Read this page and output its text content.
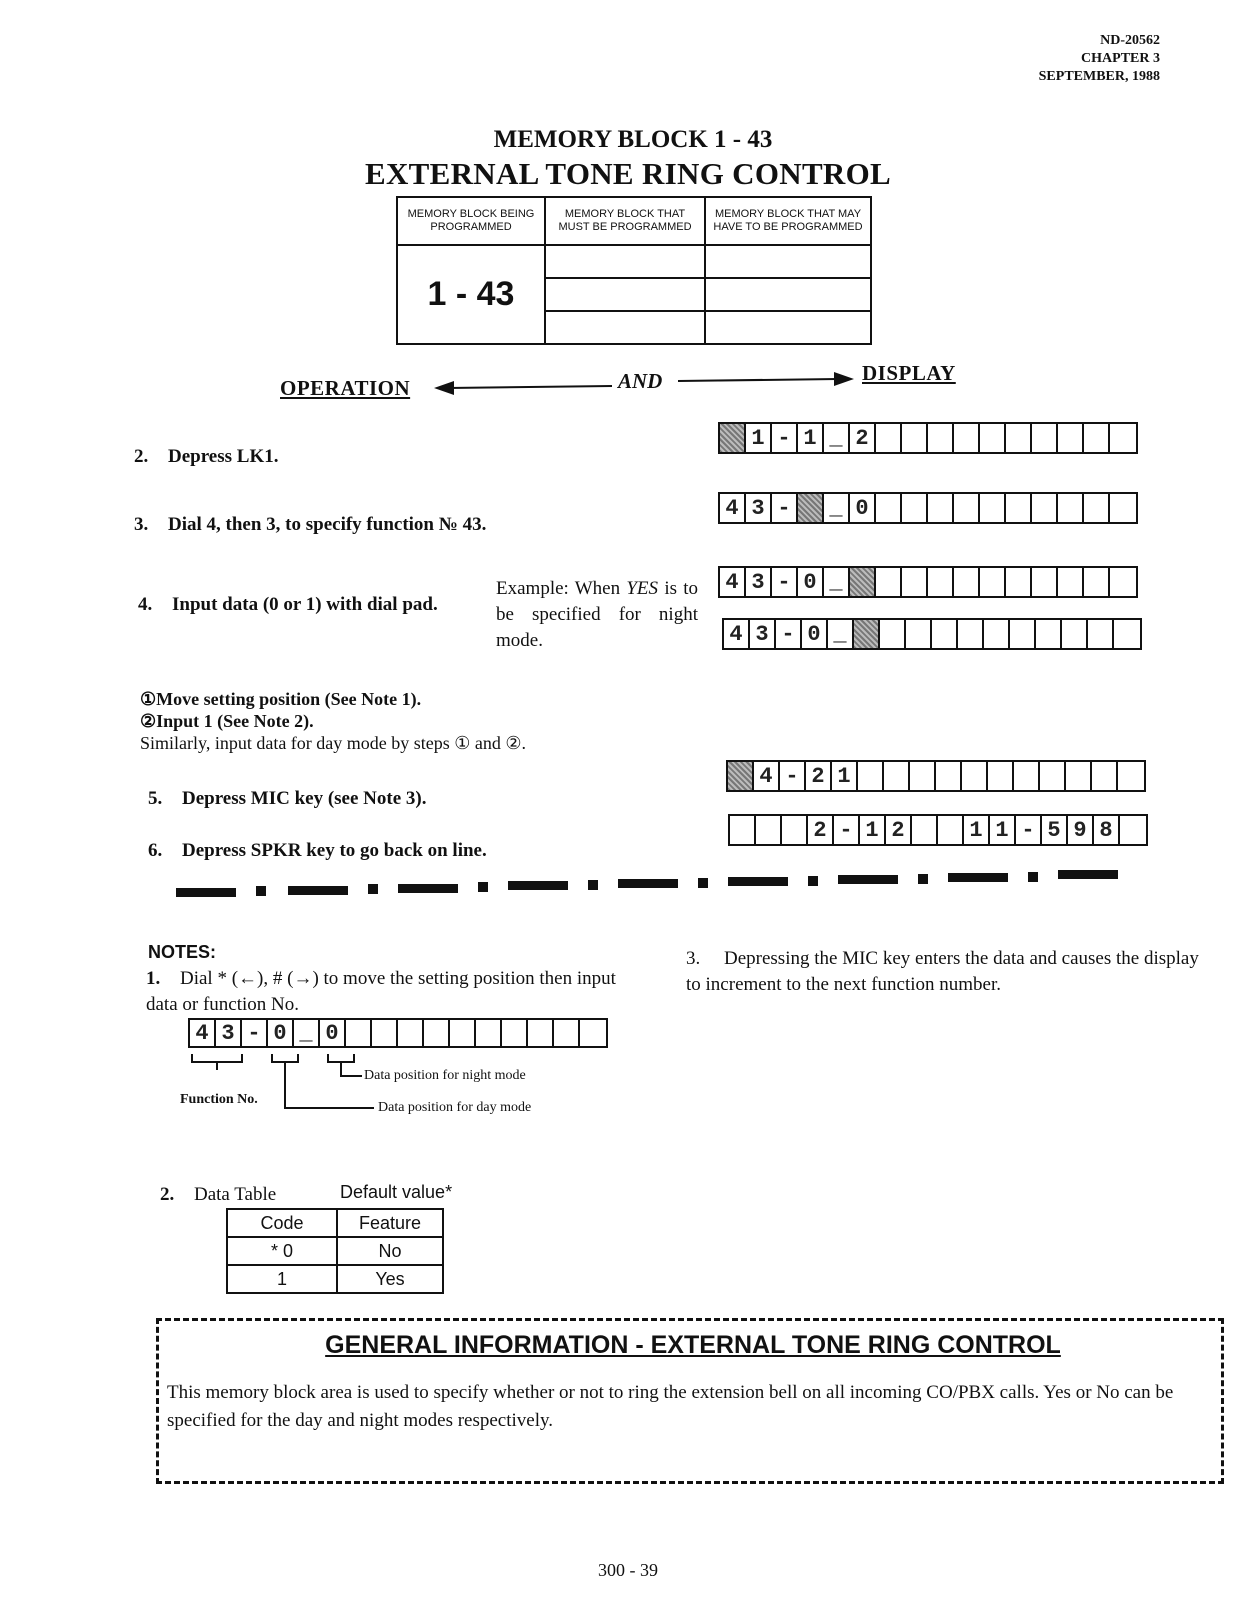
ND-20562
CHAPTER 3
SEPTEMBER, 1988
MEMORY BLOCK 1 - 43
EXTERNAL TONE RING CONTROL
MEMORY BLOCK BEING PROGRAMMED	MEMORY BLOCK THAT MUST BE PROGRAMMED	MEMORY BLOCK THAT MAY HAVE TO BE PROGRAMMED
1 - 43		

OPERATION	AND	DISPLAY
2. Depress LK1.
1 - 1 _ 2
3. Dial 4, then 3, to specify function № 43.
4 3 -	_ 0
4. Input data (0 or 1) with dial pad.
Example: When YES is to be specified for night mode.
4 3 - 0 _
4 3 - 0 _
①Move setting position (See Note 1).
②Input 1 (See Note 2).
Similarly, input data for day mode by steps ① and ②.
5. Depress MIC key (see Note 3).
4 - 2 1
6. Depress SPKR key to go back on line.
2 - 1 2	1 1 - 5 9 8
NOTES:
1. Dial * (←), # (→) to move the setting position then input data or function No.
4 3 - 0 _ 0
Data position for night mode
Data position for day mode
Function No.
3. Depressing the MIC key enters the data and causes the display to increment to the next function number.
2. Data Table	Default value*
Code	Feature
* 0	No
1	Yes
GENERAL INFORMATION - EXTERNAL TONE RING CONTROL
This memory block area is used to specify whether or not to ring the extension bell on all incoming CO/PBX calls. Yes or No can be specified for the day and night modes respectively.
300 - 39
